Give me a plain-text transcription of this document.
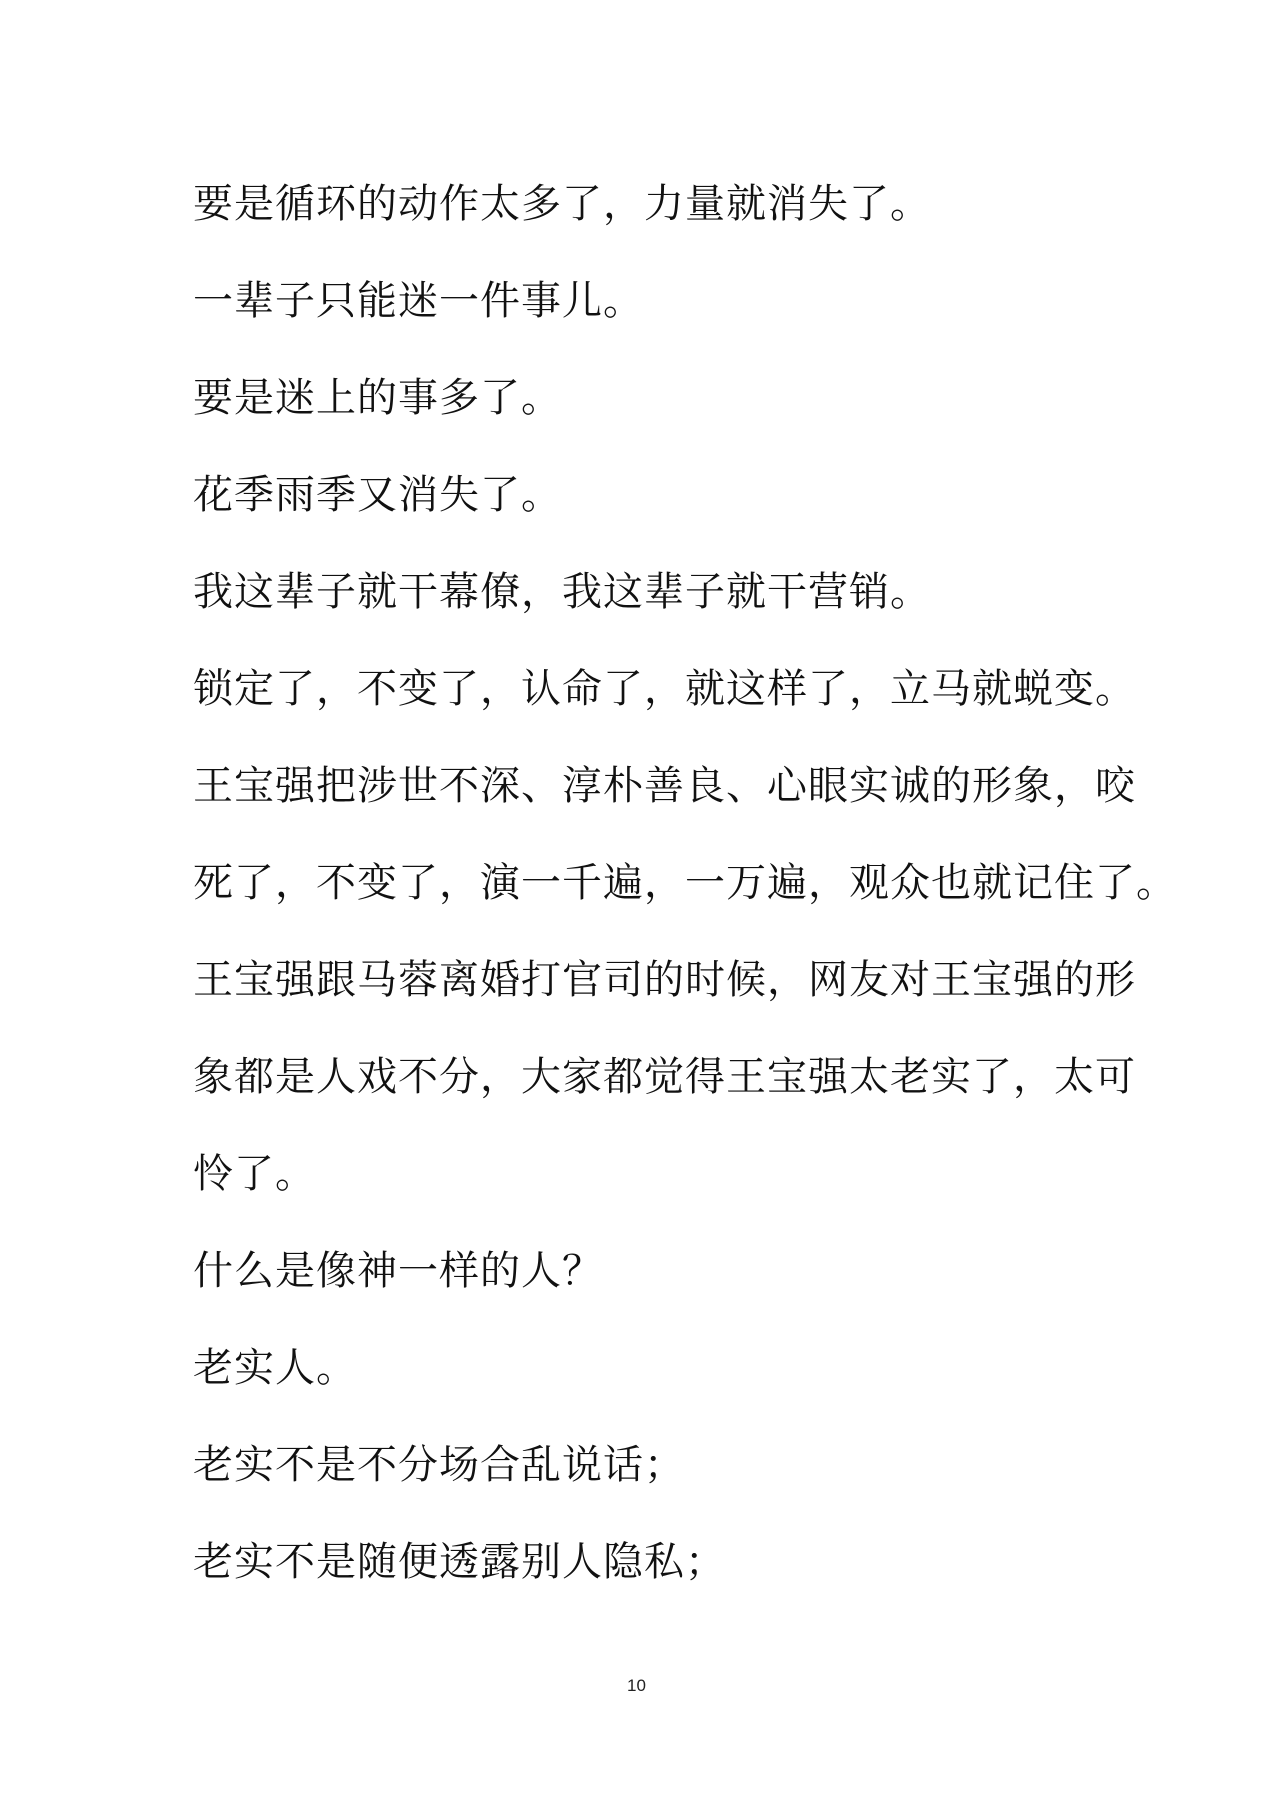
要是循环的动作太多了，力量就消失了。
一辈子只能迷一件事儿。
要是迷上的事多了。
花季雨季又消失了。
我这辈子就干幕僚，我这辈子就干营销。
锁定了，不变了，认命了，就这样了，立马就蜕变。
王宝强把涉世不深、淳朴善良、心眼实诚的形象，咬
死了，不变了，演一千遍，一万遍，观众也就记住了。
王宝强跟马蓉离婚打官司的时候，网友对王宝强的形
象都是人戏不分，大家都觉得王宝强太老实了，太可
怜了。
什么是像神一样的人？
老实人。
老实不是不分场合乱说话；
老实不是随便透露别人隐私；
10
